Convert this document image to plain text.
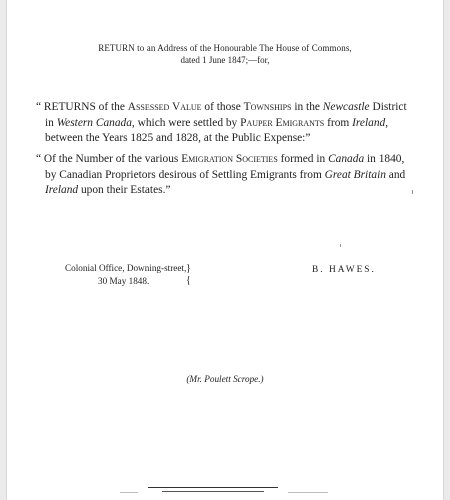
RETURN to an Address of the Honourable The House of Commons,
dated 1 June 1847;—for,
“ RETURNS of the Assessed Value of those Townships in the Newcastle District in Western Canada, which were settled by Pauper Emigrants from Ireland, between the Years 1825 and 1828, at the Public Expense:”
“ Of the Number of the various Emigration Societies formed in Canada in 1840, by Canadian Proprietors desirous of Settling Emigrants from Great Britain and Ireland upon their Estates.”
Colonial Office, Downing-street,
30 May 1848.
}
{
B. HAWES.
(Mr. Poulett Scrope.)
